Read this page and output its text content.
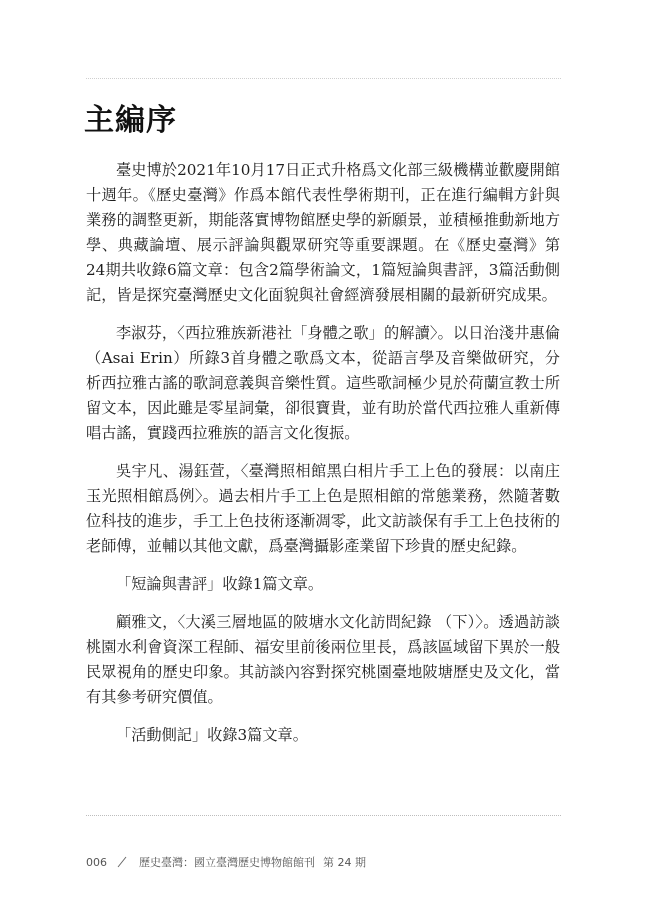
主編序

臺史博於2021年10月17日正式升格爲文化部三級機構並歡慶開館十週年。《歷史臺灣》作爲本館代表性學術期刊，正在進行編輯方針與業務的調整更新，期能落實博物館歷史學的新願景，並積極推動新地方學、典藏論壇、展示評論與觀眾研究等重要課題。在《歷史臺灣》第24期共收錄6篇文章：包含2篇學術論文，1篇短論與書評，3篇活動側記，皆是探究臺灣歷史文化面貌與社會經濟發展相關的最新研究成果。

李淑芬，〈西拉雅族新港社「身體之歌」的解讀〉。以日治淺井惠倫（Asai Erin）所錄3首身體之歌爲文本，從語言學及音樂做研究，分析西拉雅古謠的歌詞意義與音樂性質。這些歌詞極少見於荷蘭宣教士所留文本，因此雖是零星詞彙，卻很寶貴，並有助於當代西拉雅人重新傳唱古謠，實踐西拉雅族的語言文化復振。

吳宇凡、湯鈺萱，〈臺灣照相館黑白相片手工上色的發展：以南庄玉光照相館爲例〉。過去相片手工上色是照相館的常態業務，然隨著數位科技的進步，手工上色技術逐漸凋零，此文訪談保有手工上色技術的老師傅，並輔以其他文獻，爲臺灣攝影產業留下珍貴的歷史紀錄。

「短論與書評」收錄1篇文章。

顧雅文，〈大溪三層地區的陂塘水文化訪問紀錄 （下）〉。透過訪談桃園水利會資深工程師、福安里前後兩位里長，爲該區域留下異於一般民眾視角的歷史印象。其訪談內容對探究桃園臺地陂塘歷史及文化，當有其參考研究價值。

「活動側記」收錄3篇文章。

006	歷史臺灣：國立臺灣歷史博物館館刊 第 24 期
